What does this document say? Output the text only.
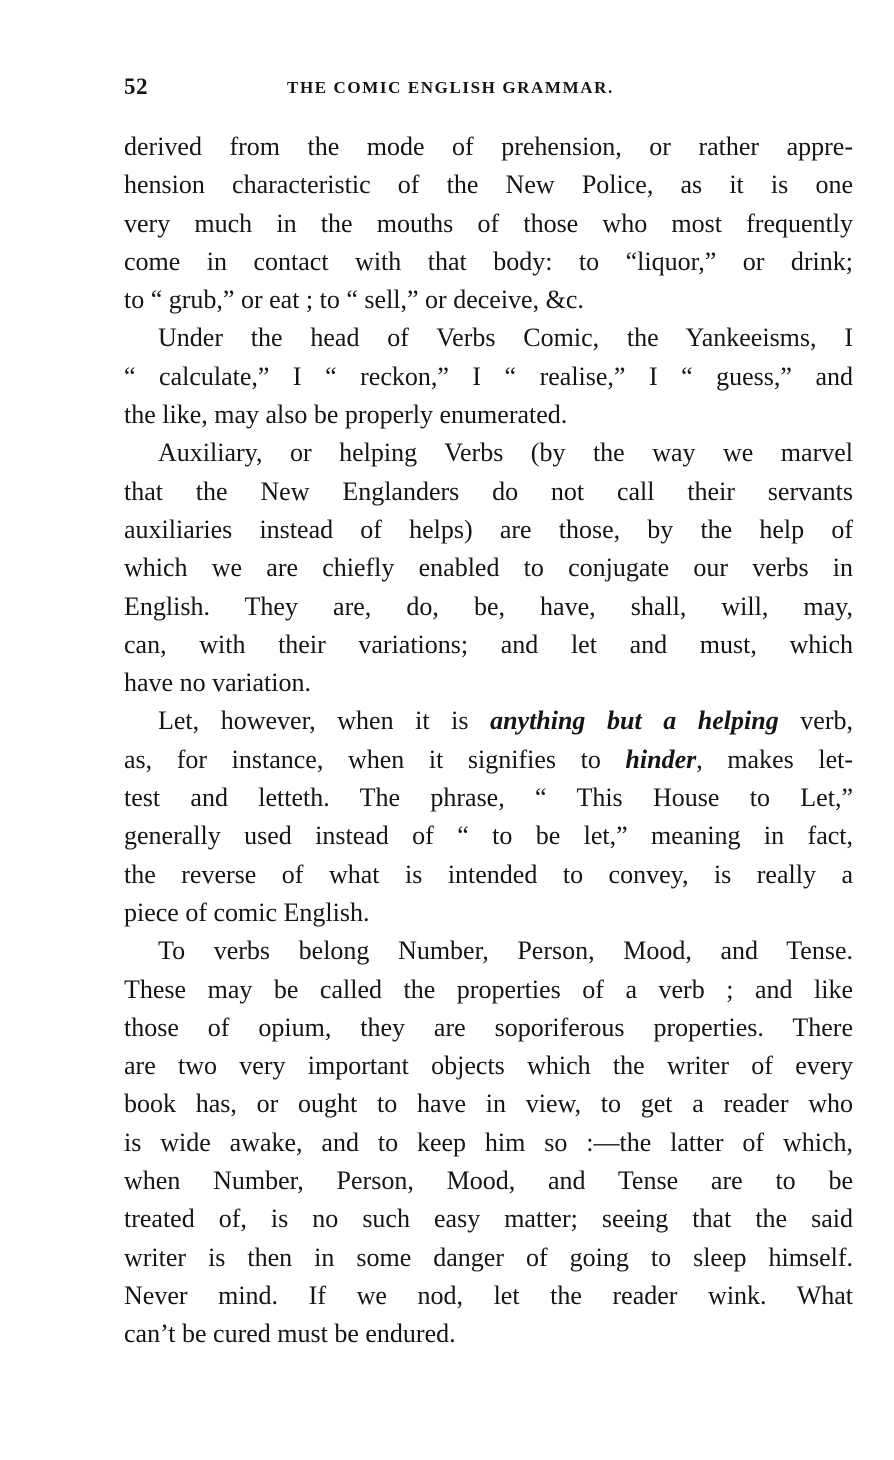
52	THE COMIC ENGLISH GRAMMAR.
derived from the mode of prehension, or rather appre-
hension characteristic of the New Police, as it is one
very much in the mouths of those who most frequently
come in contact with that body: to “liquor,” or drink;
to “ grub,” or eat ; to “ sell,” or deceive, &c.
Under the head of Verbs Comic, the Yankeeisms, I
“ calculate,” I “ reckon,” I “ realise,” I “ guess,” and
the like, may also be properly enumerated.
Auxiliary, or helping Verbs (by the way we marvel
that the New Englanders do not call their servants
auxiliaries instead of helps) are those, by the help of
which we are chiefly enabled to conjugate our verbs in
English. They are, do, be, have, shall, will, may,
can, with their variations; and let and must, which
have no variation.
Let, however, when it is anything but a helping verb,
as, for instance, when it signifies to hinder, makes let-
test and letteth. The phrase, “ This House to Let,”
generally used instead of “ to be let,” meaning in fact,
the reverse of what is intended to convey, is really a
piece of comic English.
To verbs belong Number, Person, Mood, and Tense.
These may be called the properties of a verb ; and like
those of opium, they are soporiferous properties. There
are two very important objects which the writer of every
book has, or ought to have in view, to get a reader who
is wide awake, and to keep him so :—the latter of which,
when Number, Person, Mood, and Tense are to be
treated of, is no such easy matter; seeing that the said
writer is then in some danger of going to sleep himself.
Never mind. If we nod, let the reader wink. What
can’t be cured must be endured.
